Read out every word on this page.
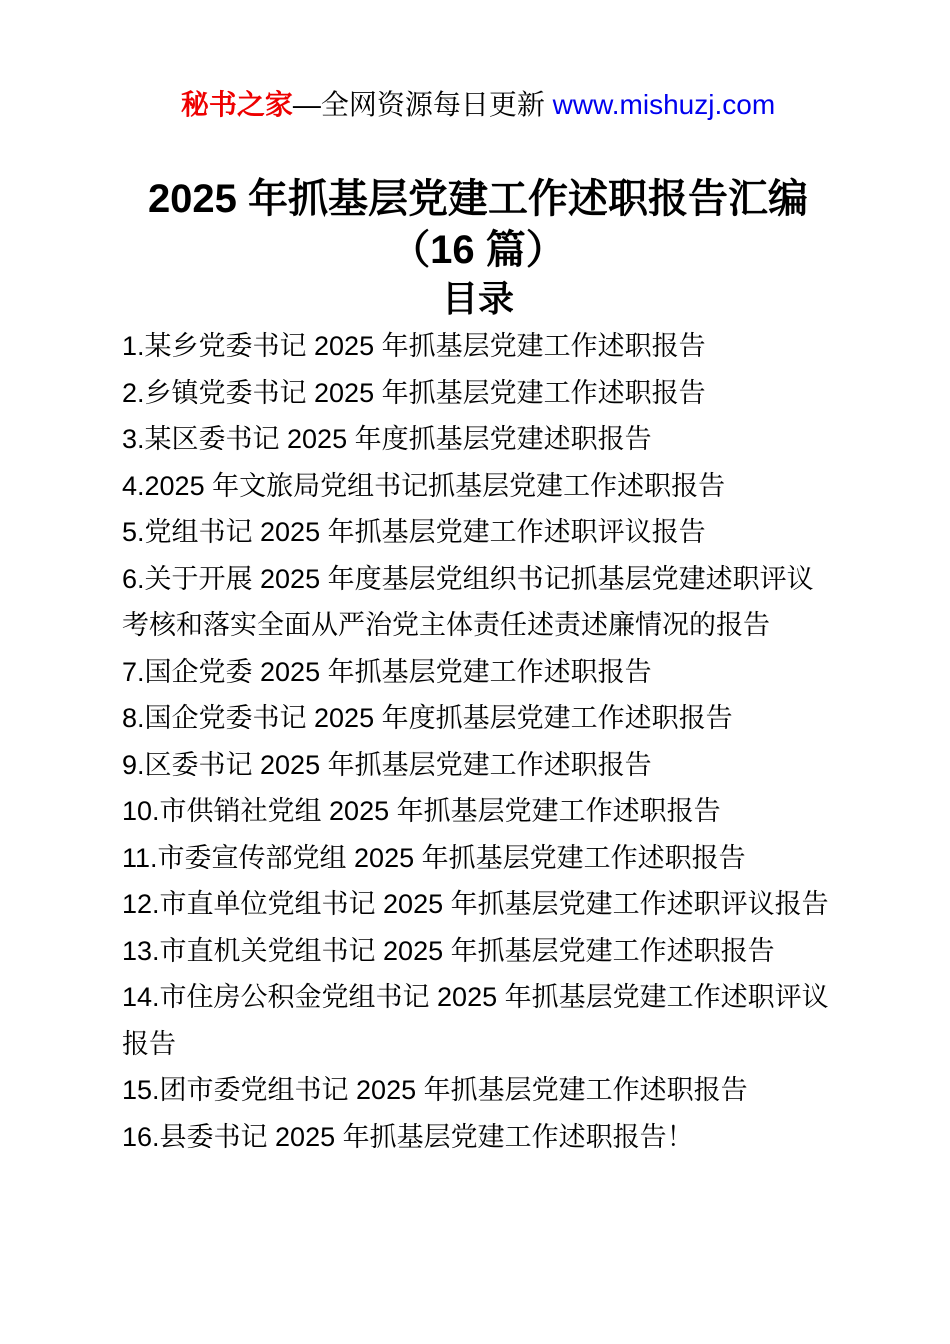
秘书之家—全网资源每日更新 www.mishuzj.com
2025 年抓基层党建工作述职报告汇编（16 篇）
目录

1.某乡党委书记 2025 年抓基层党建工作述职报告

2.乡镇党委书记 2025 年抓基层党建工作述职报告

3.某区委书记 2025 年度抓基层党建述职报告

4.2025 年文旅局党组书记抓基层党建工作述职报告

5.党组书记 2025 年抓基层党建工作述职评议报告

6.关于开展 2025 年度基层党组织书记抓基层党建述职评议考核和落实全面从严治党主体责任述责述廉情况的报告

7.国企党委 2025 年抓基层党建工作述职报告

8.国企党委书记 2025 年度抓基层党建工作述职报告

9.区委书记 2025 年抓基层党建工作述职报告

10.市供销社党组 2025 年抓基层党建工作述职报告

11.市委宣传部党组 2025 年抓基层党建工作述职报告

12.市直单位党组书记 2025 年抓基层党建工作述职评议报告

13.市直机关党组书记 2025 年抓基层党建工作述职报告

14.市住房公积金党组书记 2025 年抓基层党建工作述职评议报告

15.团市委党组书记 2025 年抓基层党建工作述职报告

16.县委书记 2025 年抓基层党建工作述职报告！
